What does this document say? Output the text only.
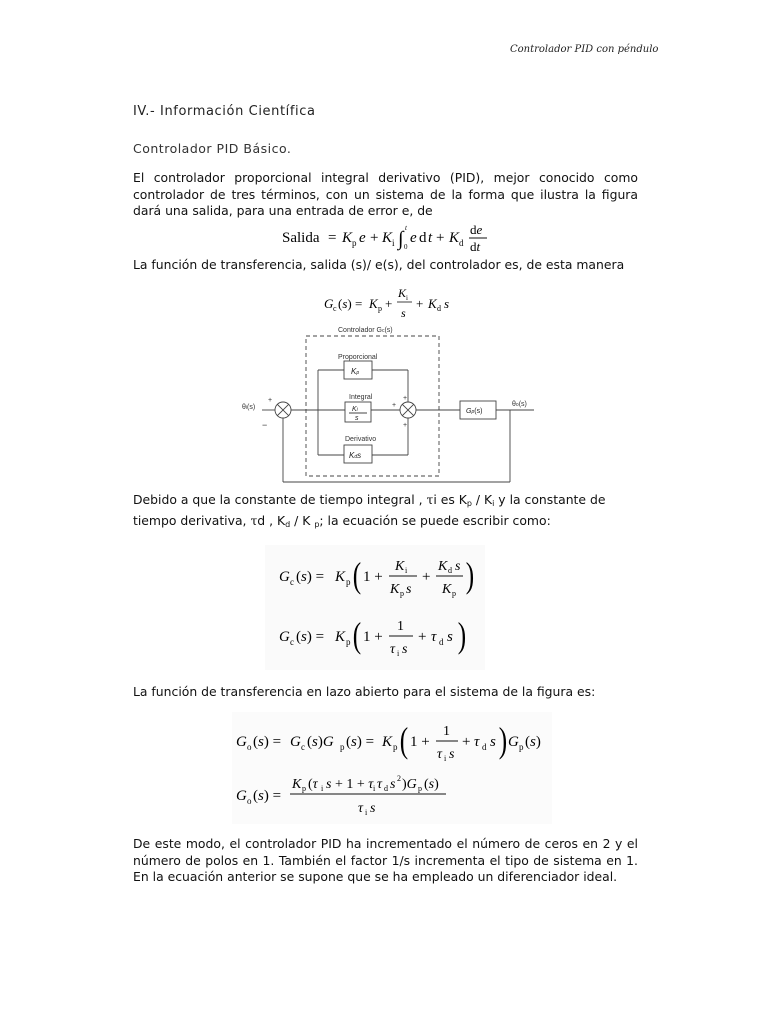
Controlador PID con péndulo
IV.- Información Científica
Controlador PID Básico.
El controlador proporcional integral derivativo (PID), mejor conocido como controlador de tres términos, con un sistema de la forma que ilustra la figura dará una salida, para una entrada de error e, de
Salida = K p e + K i ∫ t
0
e d t + K d
de
dt
La función de transferencia, salida (s)/ e(s), del controlador es, de esta manera
G c (s) = K p +
K i
s
+ K d s
Controlador Gc(s)
θi(s)
+
−
Proporcional
Kp
Integral
Ki
s
+
+
+
Derivativo
Kds
Gp(s)
θo(s)
Debido a que la constante de tiempo integral , τi es $K_p / K_i$ y la constante de tiempo derivativa, τd , $K_d$ / K $_p$; la ecuación se puede escribir como:
G c (s) = K p ( 1 +
K i
K p s
+
K d s
K p )
G c (s) = K p ( 1 +
1
τ i s
+ τ d s )
La función de transferencia en lazo abierto para el sistema de la figura es:
G o (s) = G c (s)G p (s) = K p ( 1 +
1
τ i s
+ τ d s ) G p (s)
G o (s) =
K p (τ i s + 1 + τ i τ d s 2 )G p (s)
τ i s
De este modo, el controlador PID ha incrementado el número de ceros en 2 y el número de polos en 1. También el factor 1/s incrementa el tipo de sistema en 1. En la ecuación anterior se supone que se ha empleado un diferenciador ideal.
